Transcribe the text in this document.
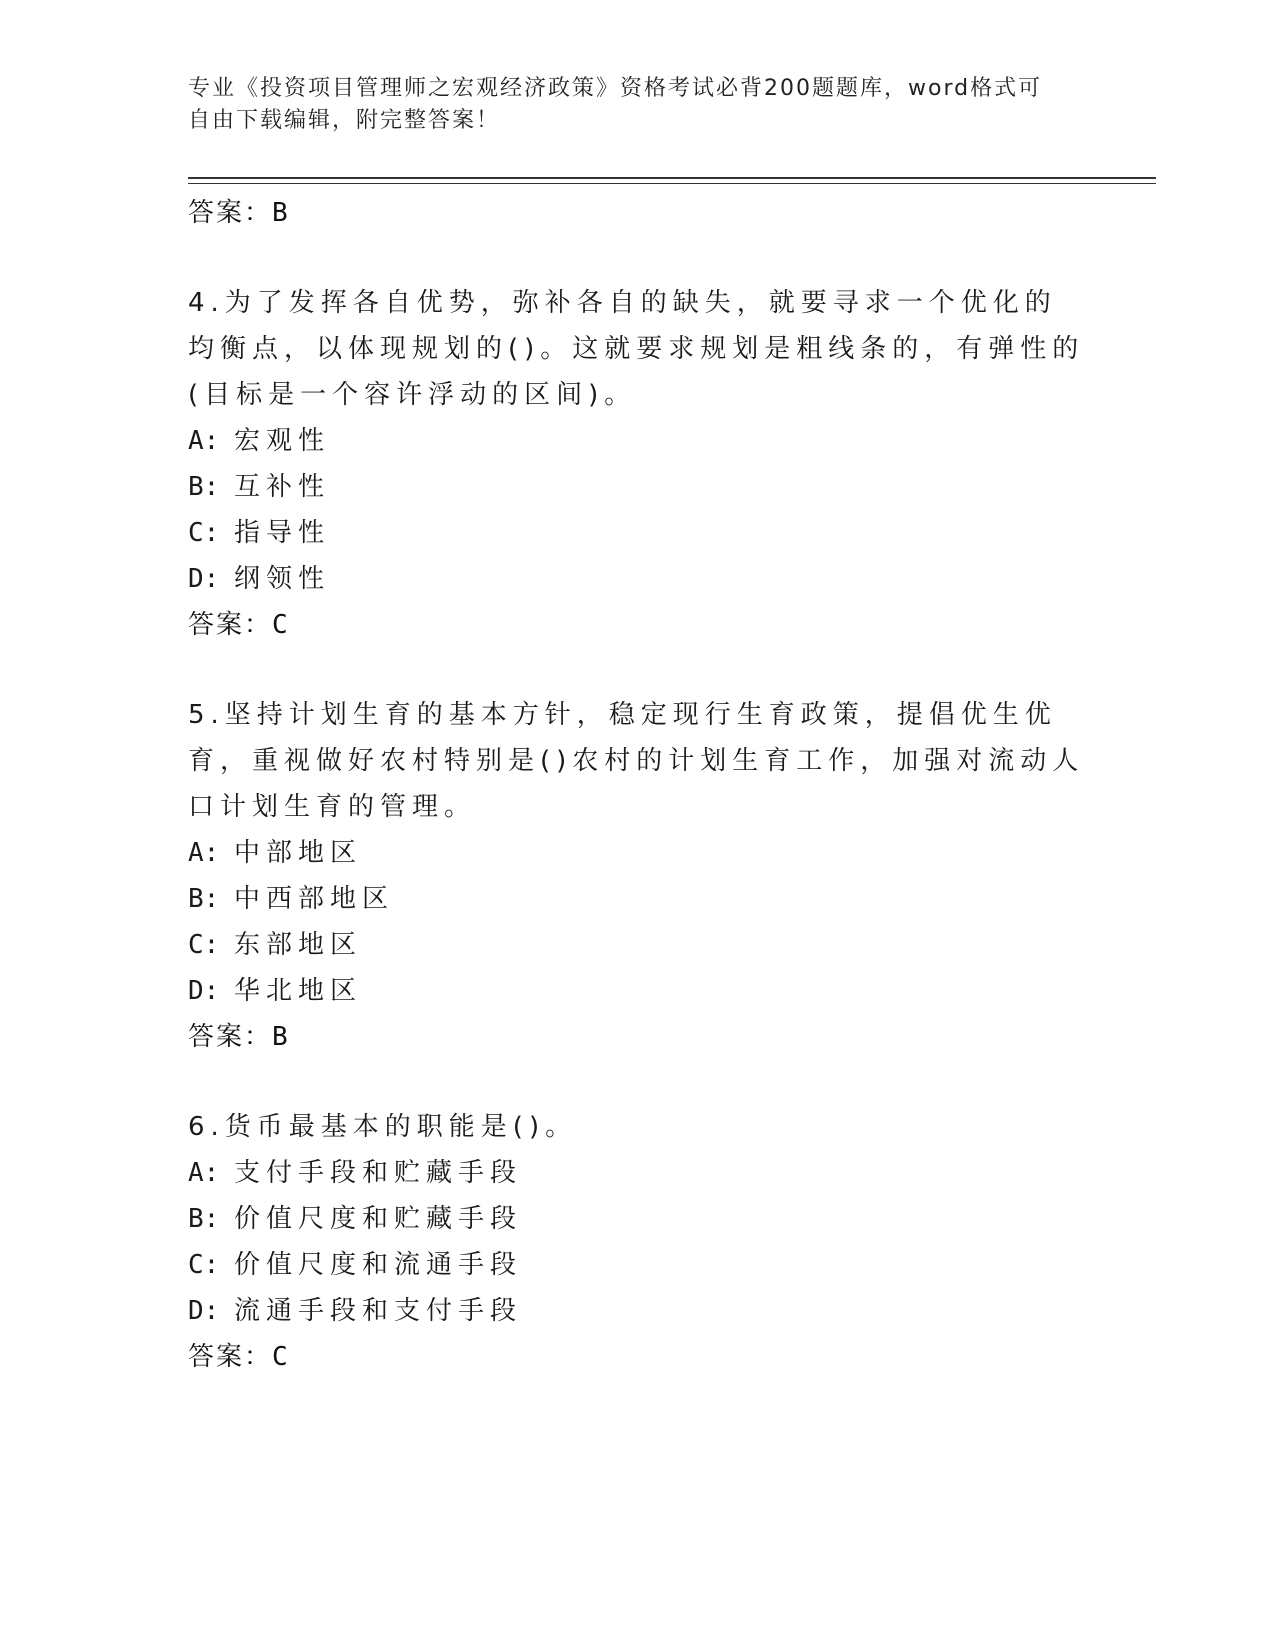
专业《投资项目管理师之宏观经济政策》资格考试必背200题题库，word格式可
自由下载编辑，附完整答案！
答案：B
4.为了发挥各自优势，弥补各自的缺失，就要寻求一个优化的均衡点，以体现规划的()。这就要求规划是粗线条的，有弹性的(目标是一个容许浮动的区间)。
A: 宏观性
B: 互补性
C: 指导性
D: 纲领性
答案：C
5.坚持计划生育的基本方针，稳定现行生育政策，提倡优生优育，重视做好农村特别是()农村的计划生育工作，加强对流动人口计划生育的管理。
A: 中部地区
B: 中西部地区
C: 东部地区
D: 华北地区
答案：B
6.货币最基本的职能是()。
A: 支付手段和贮藏手段
B: 价值尺度和贮藏手段
C: 价值尺度和流通手段
D: 流通手段和支付手段
答案：C
